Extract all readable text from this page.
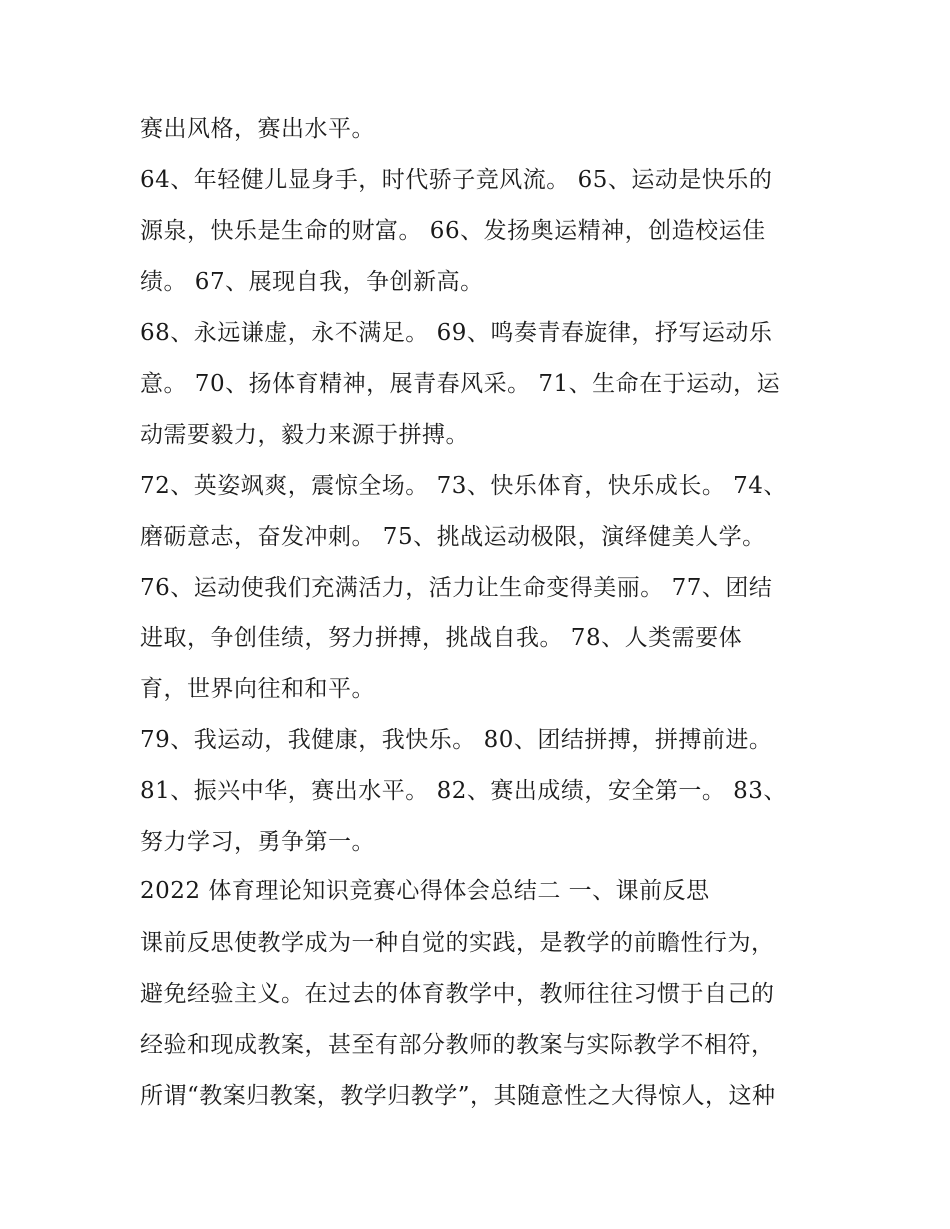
赛出风格，赛出水平。
64、年轻健儿显身手，时代骄子竞风流。 65、运动是快乐的
源泉，快乐是生命的财富。 66、发扬奥运精神，创造校运佳
绩。 67、展现自我，争创新高。
68、永远谦虚，永不满足。 69、鸣奏青春旋律，抒写运动乐
意。 70、扬体育精神，展青春风采。 71、生命在于运动，运
动需要毅力，毅力来源于拼搏。
72、英姿飒爽，震惊全场。 73、快乐体育，快乐成长。 74、
磨砺意志，奋发冲刺。 75、挑战运动极限，演绎健美人学。
76、运动使我们充满活力，活力让生命变得美丽。 77、团结
进取，争创佳绩，努力拼搏，挑战自我。 78、人类需要体
育，世界向往和和平。
79、我运动，我健康，我快乐。 80、团结拼搏，拼搏前进。
81、振兴中华，赛出水平。 82、赛出成绩，安全第一。 83、
努力学习，勇争第一。
2022 体育理论知识竞赛心得体会总结二 一、课前反思
课前反思使教学成为一种自觉的实践，是教学的前瞻性行为，
避免经验主义。在过去的体育教学中，教师往往习惯于自己的
经验和现成教案，甚至有部分教师的教案与实际教学不相符，
所谓“教案归教案，教学归教学”，其随意性之大得惊人，这种
